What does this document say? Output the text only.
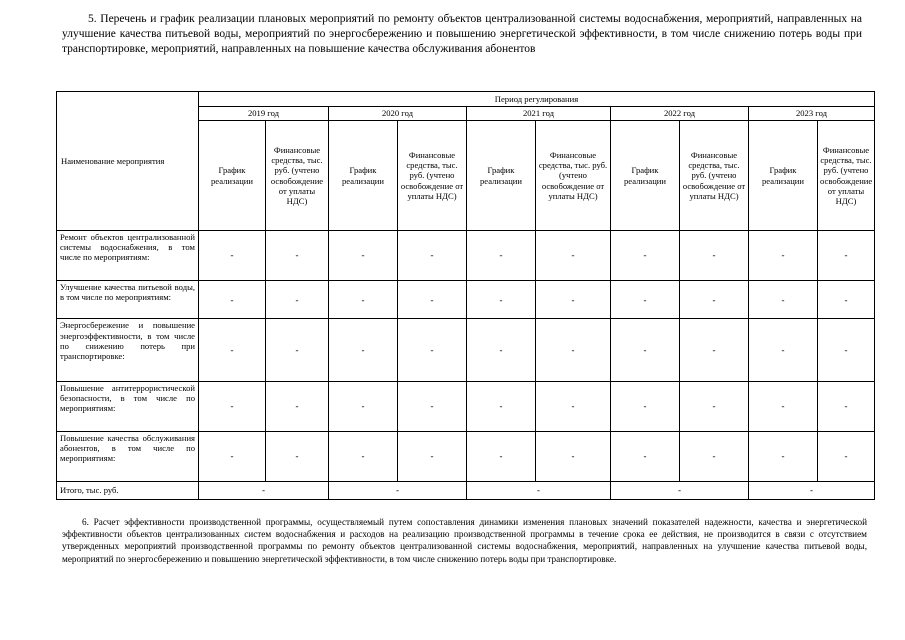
5. Перечень и график реализации плановых мероприятий по ремонту объектов централизованной системы водоснабжения, мероприятий, направленных на улучшение качества питьевой воды, мероприятий по энергосбережению и повышению энергетической эффективности, в том числе снижению потерь воды при транспортировке, мероприятий, направленных на повышение качества обслуживания абонентов
Наименование мероприятия	Период регулирования									
	2019 год		2020 год		2021 год		2022 год		2023 год	
	График реализации	Финансовые средства, тыс. руб. (учтено освобождение от уплаты НДС)	График реализации	Финансовые средства, тыс. руб. (учтено освобождение от уплаты НДС)	График реализации	Финансовые средства, тыс. руб. (учтено освобождение от уплаты НДС)	График реализации	Финансовые средства, тыс. руб. (учтено освобождение от уплаты НДС)	График реализации	Финансовые средства, тыс. руб. (учтено освобождение от уплаты НДС)
Ремонт объектов централизованной системы водоснабжения, в том числе по мероприятиям:	-	-	-	-	-	-	-	-	-	-
Улучшение качества питьевой воды, в том числе по мероприятиям:	-	-	-	-	-	-	-	-	-	-
Энергосбережение и повышение энергоэффективности, в том числе по снижению потерь при транспортировке:	-	-	-	-	-	-	-	-	-	-
Повышение антитеррористической безопасности, в том числе по мероприятиям:	-	-	-	-	-	-	-	-	-	-
Повышение качества обслуживания абонентов, в том числе по мероприятиям:	-	-	-	-	-	-	-	-	-	-
Итого, тыс. руб.	-		-		-		-		-	
6. Расчет эффективности производственной программы, осуществляемый путем сопоставления динамики изменения плановых значений показателей надежности, качества и энергетической эффективности объектов централизованных систем водоснабжения и расходов на реализацию производственной программы в течение срока ее действия, не производится в связи с отсутствием утвержденных мероприятий производственной программы по ремонту объектов централизованной системы водоснабжения, мероприятий, направленных на улучшение качества питьевой воды, мероприятий по энергосбережению и повышению энергетической эффективности, в том числе снижению потерь воды при транспортировке.
